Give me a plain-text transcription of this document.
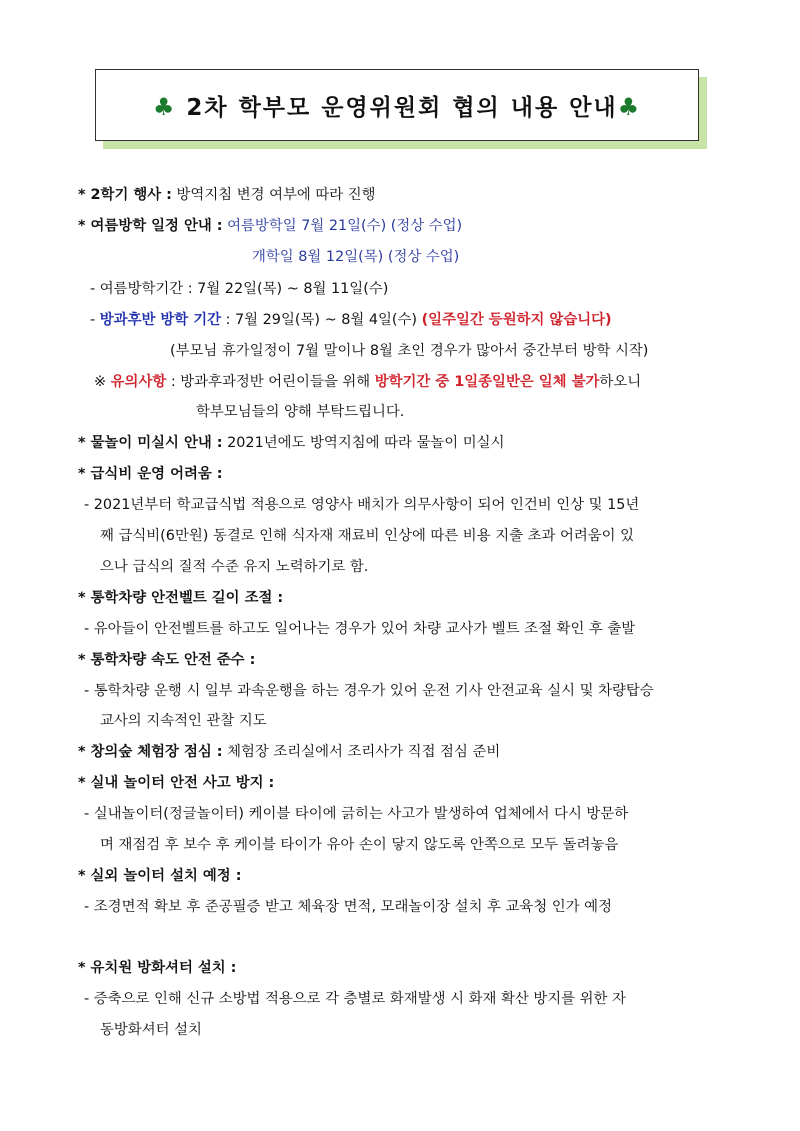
♣ 2차 학부모 운영위원회 협의 내용 안내♣
* 2학기 행사 : 방역지침 변경 여부에 따라 진행
* 여름방학 일정 안내 : 여름방학일 7월 21일(수) (정상 수업)
개학일 8월 12일(목) (정상 수업)
- 여름방학기간 : 7월 22일(목) ~ 8월 11일(수)
- 방과후반 방학 기간 : 7월 29일(목) ~ 8월 4일(수) (일주일간 등원하지 않습니다)
(부모님 휴가일정이 7월 말이나 8월 초인 경우가 많아서 중간부터 방학 시작)
※ 유의사항 : 방과후과정반 어린이들을 위해 방학기간 중 1일종일반은 일체 불가하오니
학부모님들의 양해 부탁드립니다.
* 물놀이 미실시 안내 : 2021년에도 방역지침에 따라 물놀이 미실시
* 급식비 운영 어려움 :
- 2021년부터 학교급식법 적용으로 영양사 배치가 의무사항이 되어 인건비 인상 및 15년
째 급식비(6만원) 동결로 인해 식자재 재료비 인상에 따른 비용 지출 초과 어려움이 있
으나 급식의 질적 수준 유지 노력하기로 함.
* 통학차량 안전벨트 길이 조절 :
- 유아들이 안전벨트를 하고도 일어나는 경우가 있어 차량 교사가 벨트 조절 확인 후 출발
* 통학차량 속도 안전 준수 :
- 통학차량 운행 시 일부 과속운행을 하는 경우가 있어 운전 기사 안전교육 실시 및 차량탑승
교사의 지속적인 관찰 지도
* 창의숲 체험장 점심 : 체험장 조리실에서 조리사가 직접 점심 준비
* 실내 놀이터 안전 사고 방지 :
- 실내놀이터(정글놀이터) 케이블 타이에 긁히는 사고가 발생하여 업체에서 다시 방문하
며 재점검 후 보수 후 케이블 타이가 유아 손이 닿지 않도록 안쪽으로 모두 돌려놓음
* 실외 놀이터 설치 예정 :
- 조경면적 확보 후 준공필증 받고 체육장 면적, 모래놀이장 설치 후 교육청 인가 예정
* 유치원 방화셔터 설치 :
- 증축으로 인해 신규 소방법 적용으로 각 층별로 화재발생 시 화재 확산 방지를 위한 자
동방화셔터 설치
